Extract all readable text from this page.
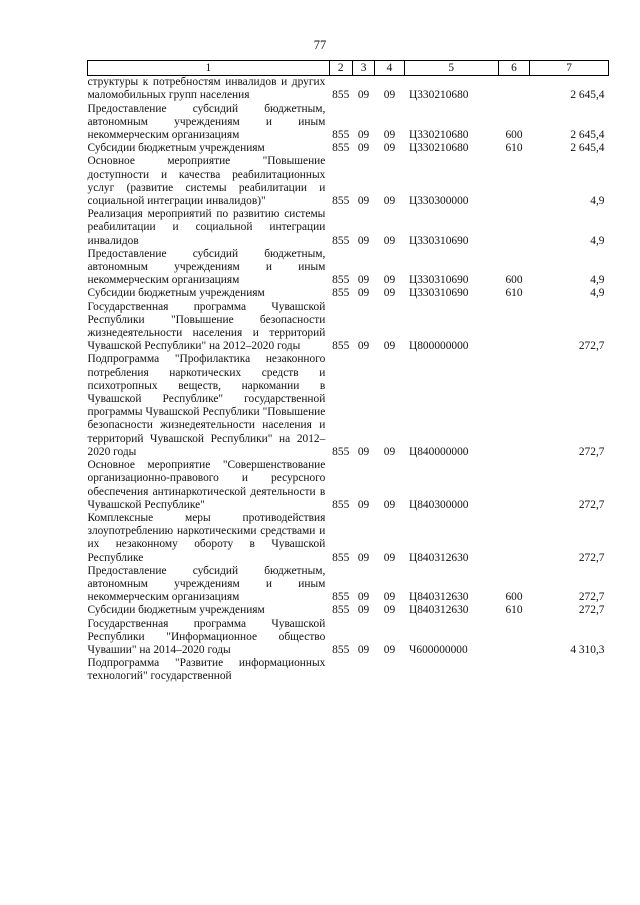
77
1	2	3	4	5	6	7
структуры к потребностям инвалидов и других маломобильных групп населения	855	09	09	Ц330210680		2 645,4
Предоставление субсидий бюджетным, автономным учреждениям и иным некоммерческим организациям	855	09	09	Ц330210680	600	2 645,4
Субсидии бюджетным учреждениям	855	09	09	Ц330210680	610	2 645,4
Основное мероприятие "Повышение доступности и качества реабилитационных услуг (развитие системы реабилитации и социальной интеграции инвалидов)"	855	09	09	Ц330300000		4,9
Реализация мероприятий по развитию системы реабилитации и социальной интеграции инвалидов	855	09	09	Ц330310690		4,9
Предоставление субсидий бюджетным, автономным учреждениям и иным некоммерческим организациям	855	09	09	Ц330310690	600	4,9
Субсидии бюджетным учреждениям	855	09	09	Ц330310690	610	4,9
Государственная программа Чувашской Республики "Повышение безопасности жизнедеятельности населения и территорий Чувашской Республики" на 2012–2020 годы	855	09	09	Ц800000000		272,7
Подпрограмма "Профилактика незаконного потребления наркотических средств и психотропных веществ, наркомании в Чувашской Республике" государственной программы Чувашской Республики "Повышение безопасности жизнедеятельности населения и территорий Чувашской Республики" на 2012–2020 годы	855	09	09	Ц840000000		272,7
Основное мероприятие "Совершенствование организационно-правового и ресурсного обеспечения антинаркотической деятельности в Чувашской Республике"	855	09	09	Ц840300000		272,7
Комплексные меры противодействия злоупотреблению наркотическими средствами и их незаконному обороту в Чувашской Республике	855	09	09	Ц840312630		272,7
Предоставление субсидий бюджетным, автономным учреждениям и иным некоммерческим организациям	855	09	09	Ц840312630	600	272,7
Субсидии бюджетным учреждениям	855	09	09	Ц840312630	610	272,7
Государственная программа Чувашской Республики "Информационное общество Чувашии" на 2014–2020 годы	855	09	09	Ч600000000		4 310,3
Подпрограмма "Развитие информационных технологий" государственной						
